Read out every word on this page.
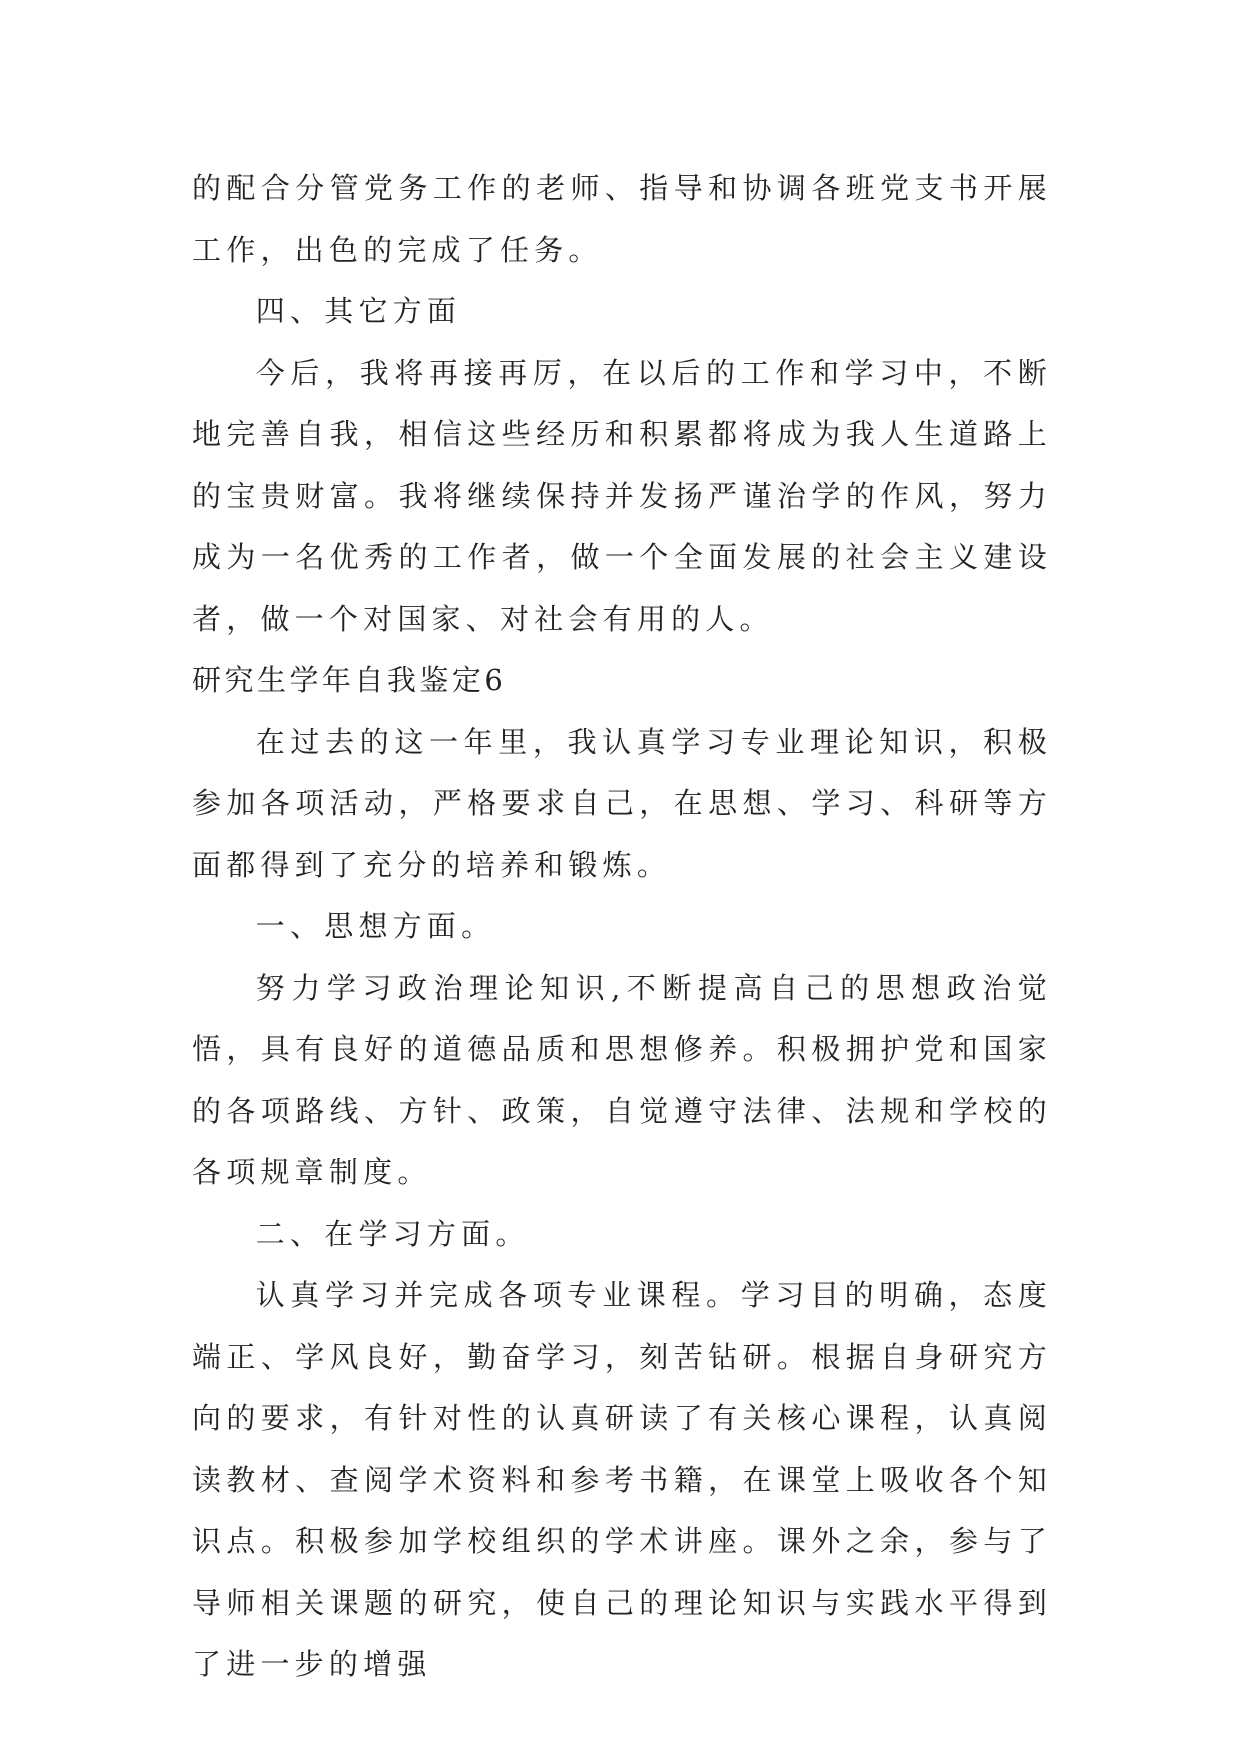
的配合分管党务工作的老师、指导和协调各班党支书开展工作，出色的完成了任务。

四、其它方面

今后，我将再接再厉，在以后的工作和学习中，不断地完善自我，相信这些经历和积累都将成为我人生道路上的宝贵财富。我将继续保持并发扬严谨治学的作风，努力成为一名优秀的工作者，做一个全面发展的社会主义建设者，做一个对国家、对社会有用的人。

研究生学年自我鉴定6

在过去的这一年里，我认真学习专业理论知识，积极参加各项活动，严格要求自己，在思想、学习、科研等方面都得到了充分的培养和锻炼。

一、思想方面。

努力学习政治理论知识,不断提高自己的思想政治觉悟，具有良好的道德品质和思想修养。积极拥护党和国家的各项路线、方针、政策，自觉遵守法律、法规和学校的各项规章制度。

二、在学习方面。

认真学习并完成各项专业课程。学习目的明确，态度端正、学风良好，勤奋学习，刻苦钻研。根据自身研究方向的要求，有针对性的认真研读了有关核心课程，认真阅读教材、查阅学术资料和参考书籍，在课堂上吸收各个知识点。积极参加学校组织的学术讲座。课外之余，参与了导师相关课题的研究，使自己的理论知识与实践水平得到了进一步的增强
